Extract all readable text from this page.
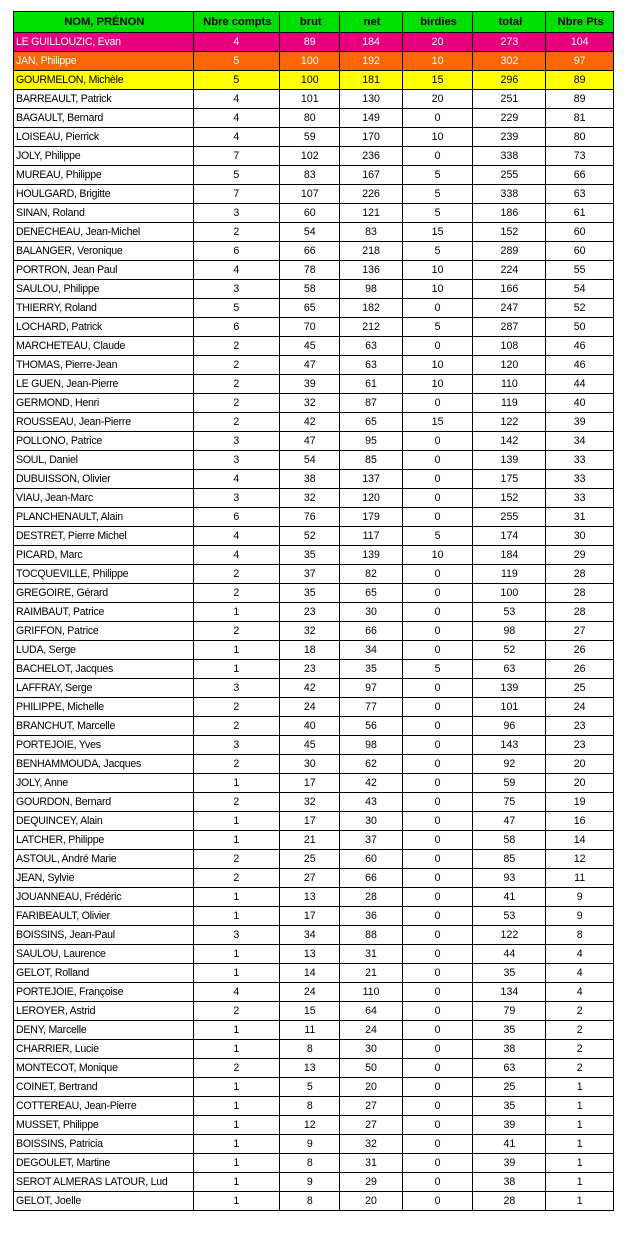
NOM, PRÉNON	Nbre compts	brut	net	birdies	total	Nbre Pts
LE GUILLOUZIC, Evan	4	89	184	20	273	104
JAN, Philippe	5	100	192	10	302	97
GOURMELON, Michèle	5	100	181	15	296	89
BARREAULT, Patrick	4	101	130	20	251	89
BAGAULT, Bernard	4	80	149	0	229	81
LOISEAU, Pierrick	4	59	170	10	239	80
JOLY, Philippe	7	102	236	0	338	73
MUREAU, Philippe	5	83	167	5	255	66
HOULGARD, Brigitte	7	107	226	5	338	63
SINAN, Roland	3	60	121	5	186	61
DENECHEAU, Jean-Michel	2	54	83	15	152	60
BALANGER, Veronique	6	66	218	5	289	60
PORTRON, Jean Paul	4	78	136	10	224	55
SAULOU, Philippe	3	58	98	10	166	54
THIERRY, Roland	5	65	182	0	247	52
LOCHARD, Patrick	6	70	212	5	287	50
MARCHETEAU, Claude	2	45	63	0	108	46
THOMAS, Pierre-Jean	2	47	63	10	120	46
LE GUEN, Jean-Pierre	2	39	61	10	110	44
GERMOND, Henri	2	32	87	0	119	40
ROUSSEAU, Jean-Pierre	2	42	65	15	122	39
POLLONO, Patrice	3	47	95	0	142	34
SOUL, Daniel	3	54	85	0	139	33
DUBUISSON, Olivier	4	38	137	0	175	33
VIAU, Jean-Marc	3	32	120	0	152	33
PLANCHENAULT, Alain	6	76	179	0	255	31
DESTRET, Pierre Michel	4	52	117	5	174	30
PICARD, Marc	4	35	139	10	184	29
TOCQUEVILLE, Philippe	2	37	82	0	119	28
GREGOIRE, Gérard	2	35	65	0	100	28
RAIMBAUT, Patrice	1	23	30	0	53	28
GRIFFON, Patrice	2	32	66	0	98	27
LUDA, Serge	1	18	34	0	52	26
BACHELOT, Jacques	1	23	35	5	63	26
LAFFRAY, Serge	3	42	97	0	139	25
PHILIPPE, Michelle	2	24	77	0	101	24
BRANCHUT, Marcelle	2	40	56	0	96	23
PORTEJOIE, Yves	3	45	98	0	143	23
BENHAMMOUDA, Jacques	2	30	62	0	92	20
JOLY, Anne	1	17	42	0	59	20
GOURDON, Bernard	2	32	43	0	75	19
DEQUINCEY, Alain	1	17	30	0	47	16
LATCHER, Philippe	1	21	37	0	58	14
ASTOUL, André Marie	2	25	60	0	85	12
JEAN, Sylvie	2	27	66	0	93	11
JOUANNEAU, Frédéric	1	13	28	0	41	9
FARIBEAULT, Olivier	1	17	36	0	53	9
BOISSINS, Jean-Paul	3	34	88	0	122	8
SAULOU, Laurence	1	13	31	0	44	4
GELOT, Rolland	1	14	21	0	35	4
PORTEJOIE, Françoise	4	24	110	0	134	4
LEROYER, Astrid	2	15	64	0	79	2
DENY, Marcelle	1	11	24	0	35	2
CHARRIER, Lucie	1	8	30	0	38	2
MONTECOT, Monique	2	13	50	0	63	2
COINET, Bertrand	1	5	20	0	25	1
COTTEREAU, Jean-Pierre	1	8	27	0	35	1
MUSSET, Philippe	1	12	27	0	39	1
BOISSINS, Patricia	1	9	32	0	41	1
DEGOULET, Martine	1	8	31	0	39	1
SEROT ALMERAS LATOUR, Lud	1	9	29	0	38	1
GELOT, Joelle	1	8	20	0	28	1
